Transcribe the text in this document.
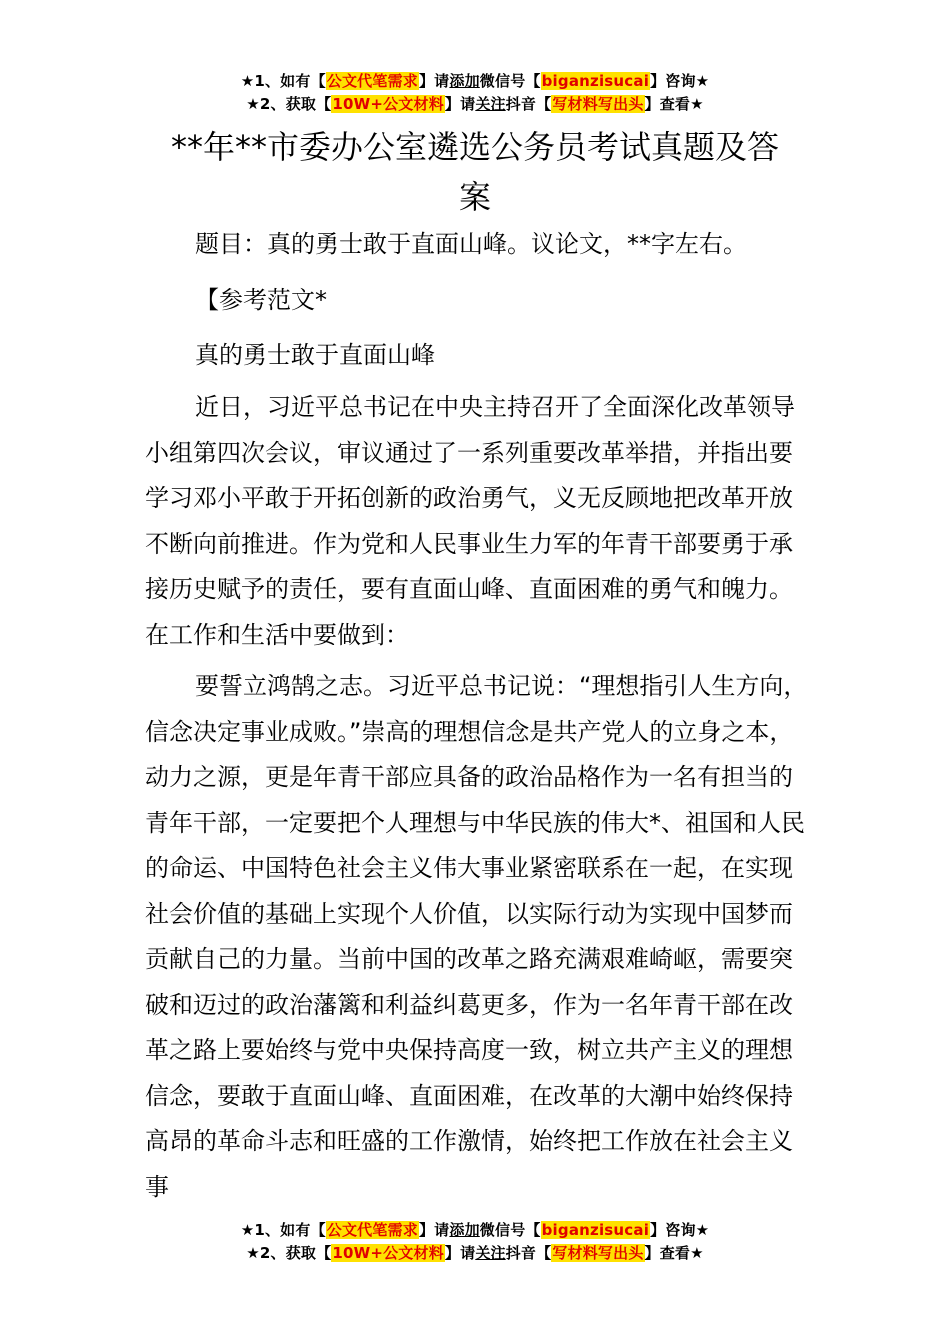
★1、如有【公文代笔需求】请添加微信号【biganzisucai】咨询★
★2、获取【10W+公文材料】请关注抖音【写材料写出头】查看★
**年**市委办公室遴选公务员考试真题及答
案

题目：真的勇士敢于直面山峰。议论文，**字左右。

【参考范文*

真的勇士敢于直面山峰

近日，习近平总书记在中央主持召开了全面深化改革领导小组第四次会议，审议通过了一系列重要改革举措，并指出要学习邓小平敢于开拓创新的政治勇气，义无反顾地把改革开放不断向前推进。作为党和人民事业生力军的年青干部要勇于承接历史赋予的责任，要有直面山峰、直面困难的勇气和魄力。在工作和生活中要做到：

要誓立鸿鹄之志。习近平总书记说：“理想指引人生方向，信念决定事业成败。”崇高的理想信念是共产党人的立身之本，动力之源，更是年青干部应具备的政治品格作为一名有担当的青年干部，一定要把个人理想与中华民族的伟大*、祖国和人民的命运、中国特色社会主义伟大事业紧密联系在一起，在实现社会价值的基础上实现个人价值，以实际行动为实现中国梦而贡献自己的力量。当前中国的改革之路充满艰难崎岖，需要突破和迈过的政治藩篱和利益纠葛更多，作为一名年青干部在改革之路上要始终与党中央保持高度一致，树立共产主义的理想信念，要敢于直面山峰、直面困难，在改革的大潮中始终保持高昂的革命斗志和旺盛的工作激情，始终把工作放在社会主义事

★1、如有【公文代笔需求】请添加微信号【biganzisucai】咨询★
★2、获取【10W+公文材料】请关注抖音【写材料写出头】查看★
